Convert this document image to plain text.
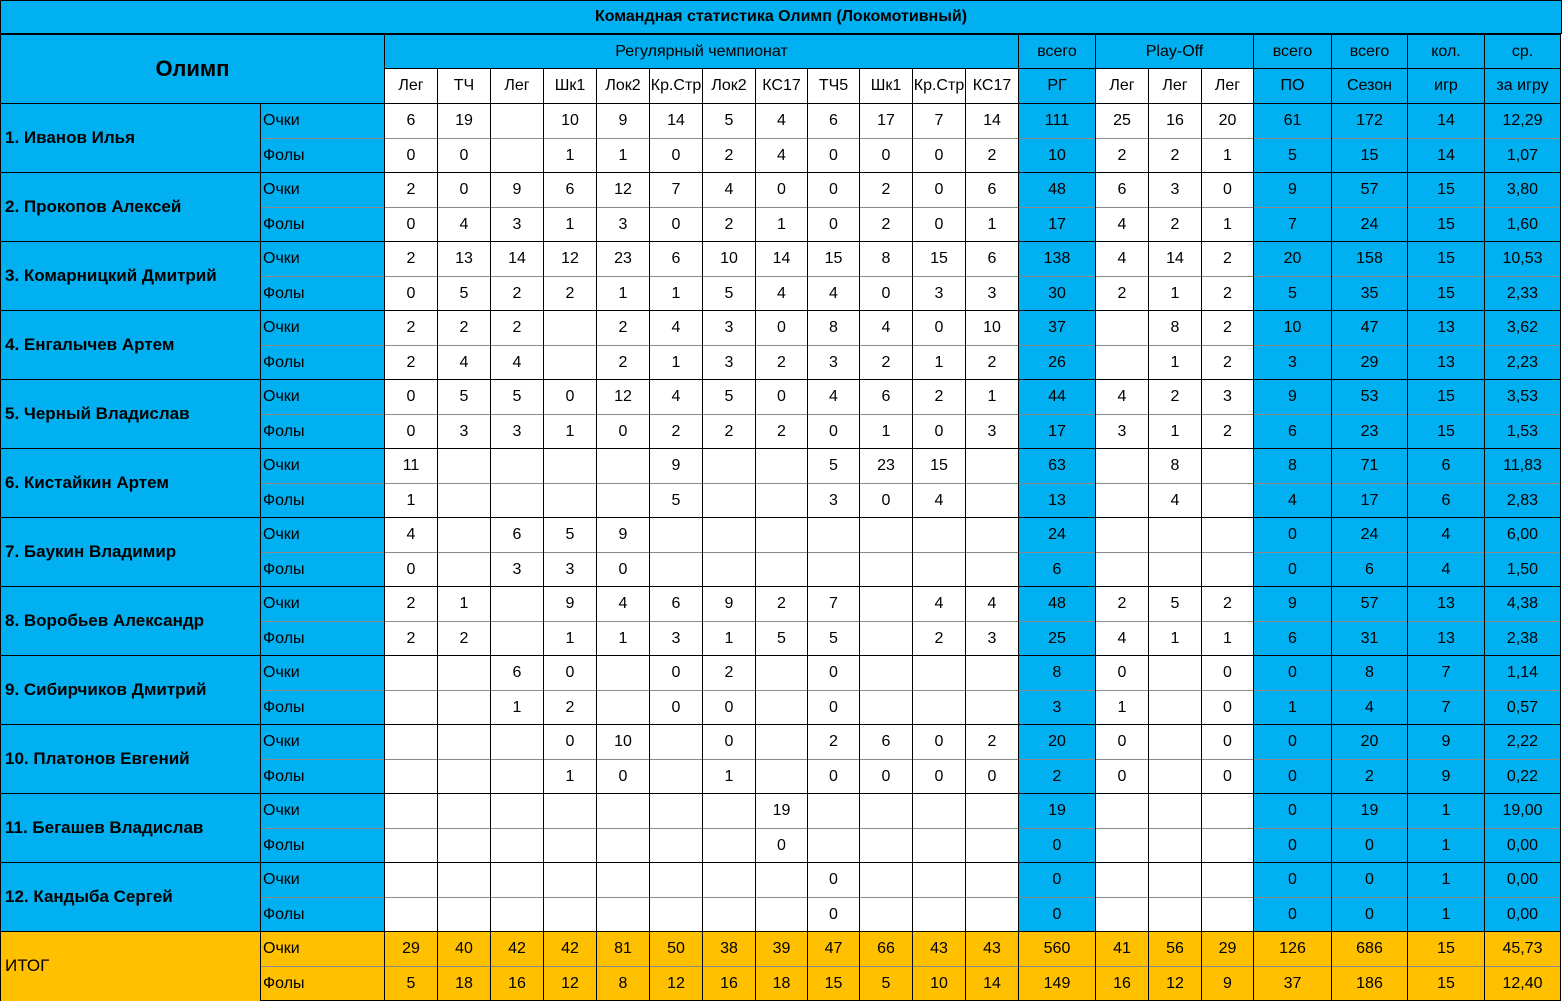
Командная статистика Олимп (Локомотивный)
Олимп		Регулярный чемпионат												всего	Play-Off			всего	всего	кол.	ср.
		Лег	ТЧ	Лег	Шк1	Лок2	Кр.Стр	Лок2	КС17	ТЧ5	Шк1	Кр.Стр	КС17	РГ	Лег	Лег	Лег	ПО	Сезон	игр	за игру
1. Иванов Илья	Очки	6	19		10	9	14	5	4	6	17	7	14	111	25	16	20	61	172	14	12,29
	Фолы	0	0		1	1	0	2	4	0	0	0	2	10	2	2	1	5	15	14	1,07
2. Прокопов Алексей	Очки	2	0	9	6	12	7	4	0	0	2	0	6	48	6	3	0	9	57	15	3,80
	Фолы	0	4	3	1	3	0	2	1	0	2	0	1	17	4	2	1	7	24	15	1,60
3. Комарницкий Дмитрий	Очки	2	13	14	12	23	6	10	14	15	8	15	6	138	4	14	2	20	158	15	10,53
	Фолы	0	5	2	2	1	1	5	4	4	0	3	3	30	2	1	2	5	35	15	2,33
4. Енгалычев Артем	Очки	2	2	2		2	4	3	0	8	4	0	10	37		8	2	10	47	13	3,62
	Фолы	2	4	4		2	1	3	2	3	2	1	2	26		1	2	3	29	13	2,23
5. Черный Владислав	Очки	0	5	5	0	12	4	5	0	4	6	2	1	44	4	2	3	9	53	15	3,53
	Фолы	0	3	3	1	0	2	2	2	0	1	0	3	17	3	1	2	6	23	15	1,53
6. Кистайкин Артем	Очки	11					9			5	23	15		63		8		8	71	6	11,83
	Фолы	1					5			3	0	4		13		4		4	17	6	2,83
7. Баукин Владимир	Очки	4		6	5	9								24				0	24	4	6,00
	Фолы	0		3	3	0								6				0	6	4	1,50
8. Воробьев Александр	Очки	2	1		9	4	6	9	2	7		4	4	48	2	5	2	9	57	13	4,38
	Фолы	2	2		1	1	3	1	5	5		2	3	25	4	1	1	6	31	13	2,38
9. Сибирчиков Дмитрий	Очки			6	0		0	2		0				8	0		0	0	8	7	1,14
	Фолы			1	2		0	0		0				3	1		0	1	4	7	0,57
10. Платонов Евгений	Очки				0	10		0		2	6	0	2	20	0		0	0	20	9	2,22
	Фолы				1	0		1		0	0	0	0	2	0		0	0	2	9	0,22
11. Бегашев Владислав	Очки								19					19				0	19	1	19,00
	Фолы								0					0				0	0	1	0,00
12. Кандыба Сергей	Очки									0				0				0	0	1	0,00
	Фолы									0				0				0	0	1	0,00
ИТОГ	Очки	29	40	42	42	81	50	38	39	47	66	43	43	560	41	56	29	126	686	15	45,73
	Фолы	5	18	16	12	8	12	16	18	15	5	10	14	149	16	12	9	37	186	15	12,40
